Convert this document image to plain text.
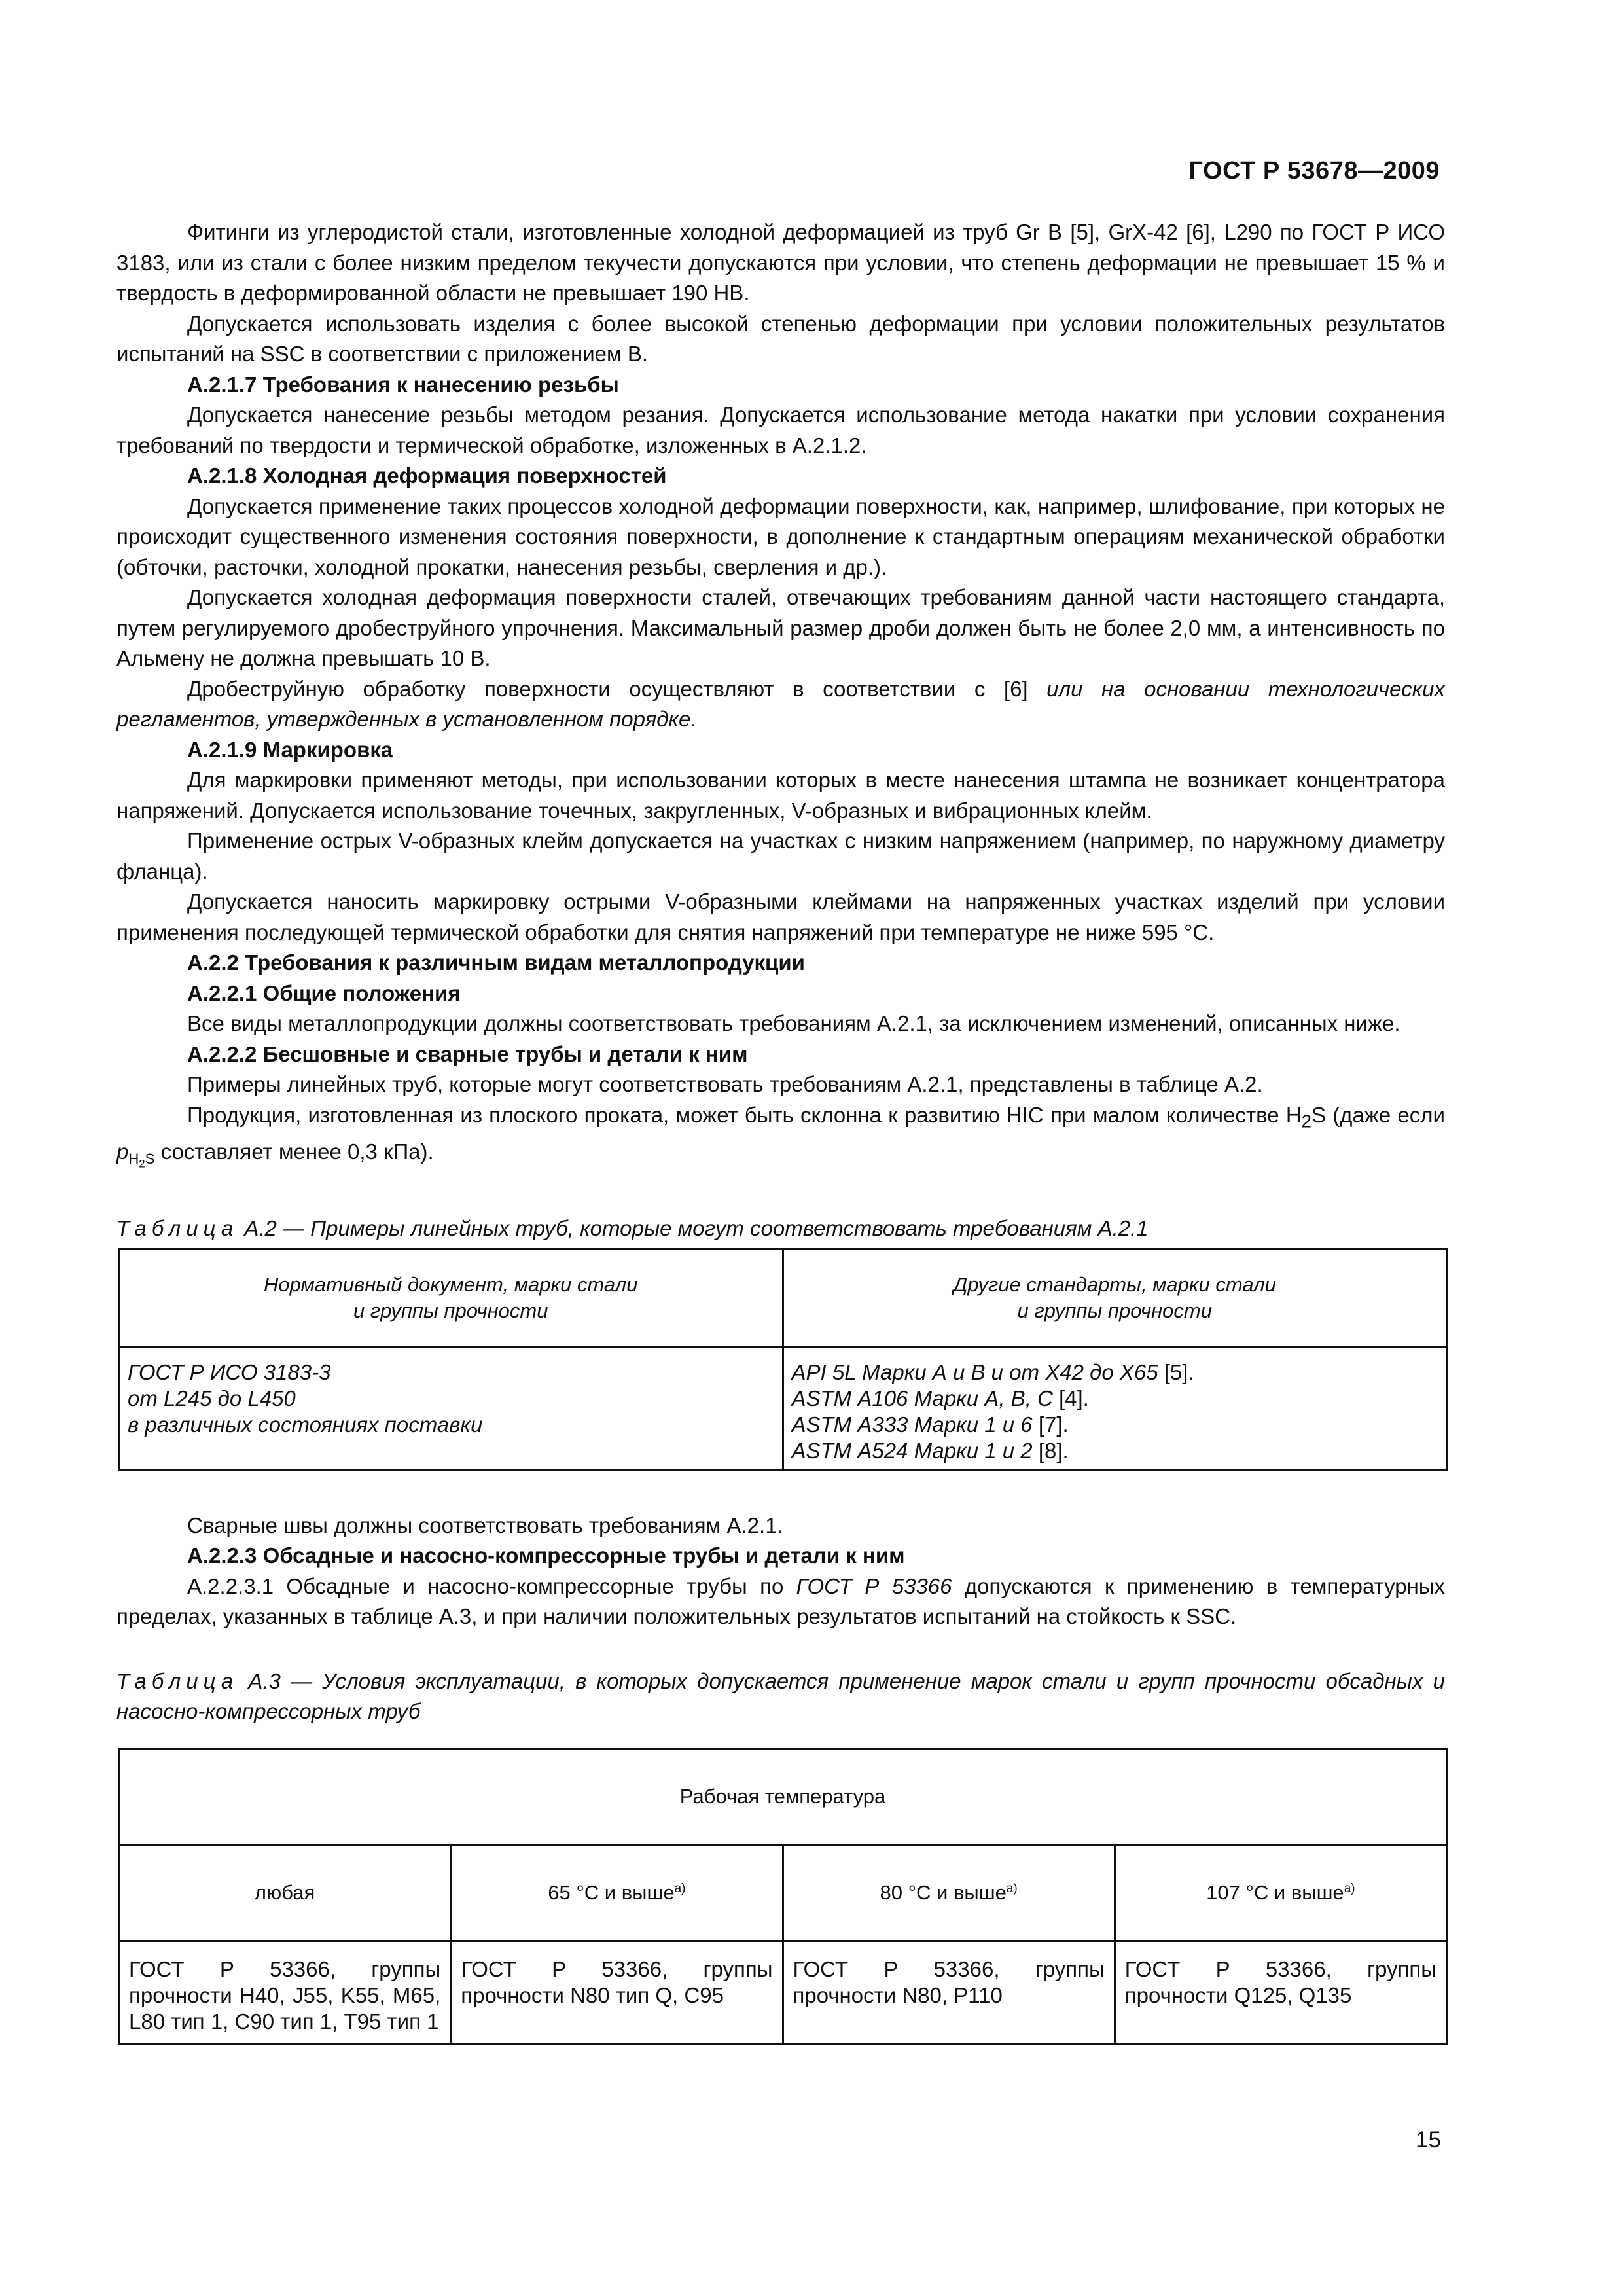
ГОСТ Р 53678—2009

Фитинги из углеродистой стали, изготовленные холодной деформацией из труб Gr В [5], GrX-42 [6], L290 по ГОСТ Р ИСО 3183, или из стали с более низким пределом текучести допускаются при условии, что степень деформации не превышает 15 % и твердость в деформированной области не превышает 190 НВ.

Допускается использовать изделия с более высокой степенью деформации при условии положительных результатов испытаний на SSC в соответствии с приложением В.

А.2.1.7 Требования к нанесению резьбы

Допускается нанесение резьбы методом резания. Допускается использование метода накатки при условии сохранения требований по твердости и термической обработке, изложенных в А.2.1.2.

А.2.1.8 Холодная деформация поверхностей

Допускается применение таких процессов холодной деформации поверхности, как, например, шлифование, при которых не происходит существенного изменения состояния поверхности, в дополнение к стандартным операциям механической обработки (обточки, расточки, холодной прокатки, нанесения резьбы, сверления и др.).

Допускается холодная деформация поверхности сталей, отвечающих требованиям данной части настоящего стандарта, путем регулируемого дробеструйного упрочнения. Максимальный размер дроби должен быть не более 2,0 мм, а интенсивность по Альмену не должна превышать 10 В.

Дробеструйную обработку поверхности осуществляют в соответствии с [6] или на основании технологических регламентов, утвержденных в установленном порядке.

А.2.1.9 Маркировка

Для маркировки применяют методы, при использовании которых в месте нанесения штампа не возникает концентратора напряжений. Допускается использование точечных, закругленных, V-образных и вибрационных клейм.

Применение острых V-образных клейм допускается на участках с низким напряжением (например, по наружному диаметру фланца).

Допускается наносить маркировку острыми V-образными клеймами на напряженных участках изделий при условии применения последующей термической обработки для снятия напряжений при температуре не ниже 595 °С.

А.2.2 Требования к различным видам металлопродукции

А.2.2.1 Общие положения

Все виды металлопродукции должны соответствовать требованиям А.2.1, за исключением изменений, описанных ниже.

А.2.2.2 Бесшовные и сварные трубы и детали к ним

Примеры линейных труб, которые могут соответствовать требованиям А.2.1, представлены в таблице А.2.

Продукция, изготовленная из плоского проката, может быть склонна к развитию HIC при малом количестве $H_2S$ (даже если $p_{H_2S}$ составляет менее 0,3 кПа).

Таблица А.2 — Примеры линейных труб, которые могут соответствовать требованиям А.2.1

Нормативный документ, марки стали
и группы прочности	Другие стандарты, марки стали
и группы прочности
ГОСТ Р ИСО 3183-3
от L245 до L450
в различных состояниях поставки	API 5L Марки А и В и от Х42 до Х65 [5].
ASTM А106 Марки А, В, С [4].
ASTM А333 Марки 1 и 6 [7].
ASTM А524 Марки 1 и 2 [8].

Сварные швы должны соответствовать требованиям А.2.1.

А.2.2.3 Обсадные и насосно-компрессорные трубы и детали к ним

А.2.2.3.1 Обсадные и насосно-компрессорные трубы по ГОСТ Р 53366 допускаются к применению в температурных пределах, указанных в таблице А.3, и при наличии положительных результатов испытаний на стойкость к SSC.

Таблица А.3 — Условия эксплуатации, в которых допускается применение марок стали и групп прочности обсадных и насосно-компрессорных труб

Рабочая температура			
любая	65 °С и выше$^{a)}$	80 °С и выше$^{a)}$	107 °С и выше$^{a)}$
ГОСТ Р 53366, группы прочности Н40, J55, K55, М65, L80 тип 1, С90 тип 1, Т95 тип 1	ГОСТ Р 53366, группы прочности N80 тип Q, С95	ГОСТ Р 53366, группы прочности N80, Р110	ГОСТ Р 53366, группы прочности Q125, Q135
15
